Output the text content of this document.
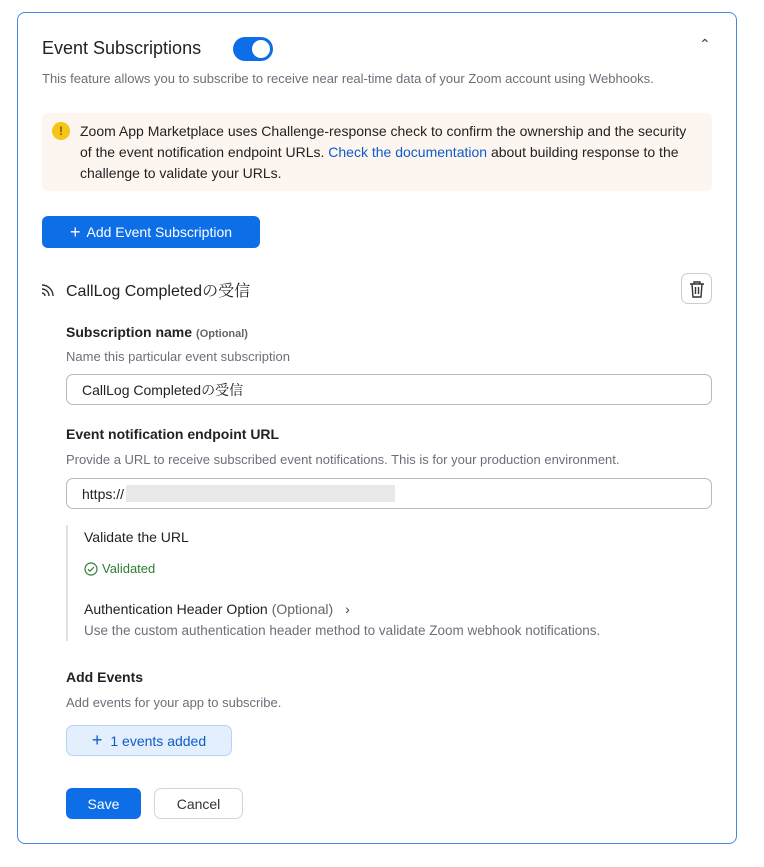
Event Subscriptions	⌃
This feature allows you to subscribe to receive near real-time data of your Zoom account using Webhooks.
!	Zoom App Marketplace uses Challenge-response check to confirm the ownership and the security of the event notification endpoint URLs. Check the documentation about building response to the challenge to validate your URLs.
+ Add Event Subscription
CallLog Completedの受信
Subscription name (Optional)
Name this particular event subscription
CallLog Completedの受信
Event notification endpoint URL
Provide a URL to receive subscribed event notifications. This is for your production environment.
https://
Validate the URL
Validated
Authentication Header Option (Optional) ›
Use the custom authentication header method to validate Zoom webhook notifications.
Add Events
Add events for your app to subscribe.
+ 1 events added
Save	Cancel
